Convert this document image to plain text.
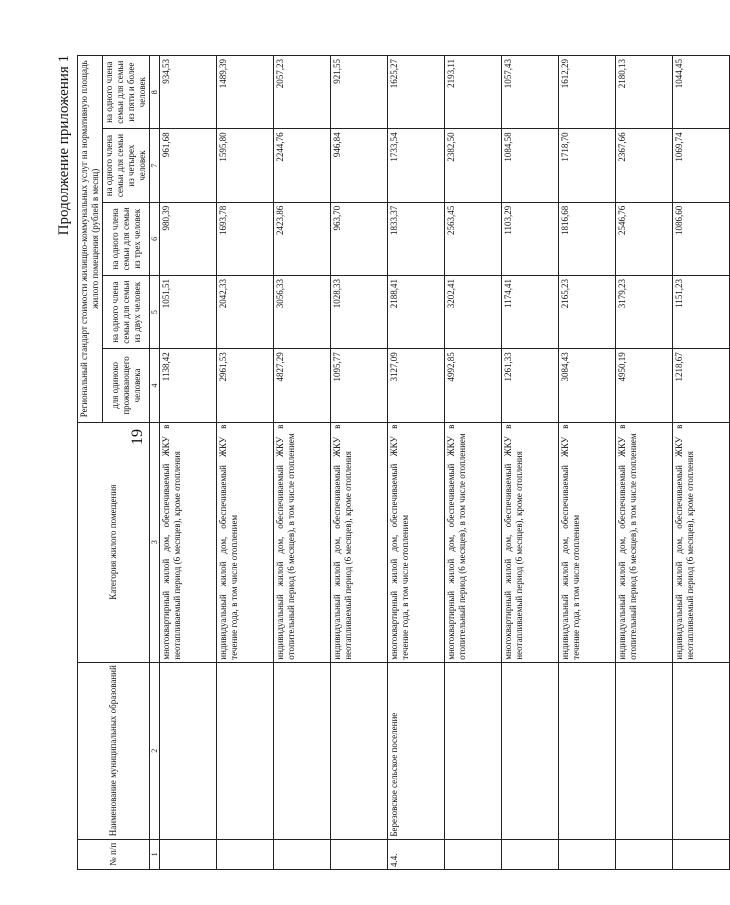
19
Продолжение приложения 1
№ п/п	Наименование муниципальных образований	Категория жилого помещения	Региональный стандарт стоимости жилищно-коммунальных услуг на нормативную площадь жилого помещения (рублей в месяц)				
			для одиноко проживающего человека	на одного члена семьи для семьи из двух человек	на одного члена семьи для семьи из трех человек	на одного члена семьи для семьи из четырех человек	на одного члена семьи для семьи из пяти и более человек
1	2	3	4	5	6	7	8
		многоквартирный жилой дом, обеспечиваемый ЖКУ в неотапливаемый период (6 месяцев), кроме отопления	1138,42	1051,51	980,39	961,68	934,53
		индивидуальный жилой дом, обеспечиваемый ЖКУ в течение года, в том числе отоплением	2961,53	2042,33	1693,78	1595,80	1489,39
		индивидуальный жилой дом, обеспечиваемый ЖКУ в отопительный период (6 месяцев), в том числе отоплением	4827,29	3056,33	2423,86	2244,76	2057,23
		индивидуальный жилой дом, обеспечиваемый ЖКУ в неотапливаемый период (6 месяцев), кроме отопления	1095,77	1028,33	963,70	946,84	921,55
4.4.	Березовское сельское поселение	многоквартирный жилой дом, обеспечиваемый ЖКУ в течение года, в том числе отоплением	3127,09	2188,41	1833,37	1733,54	1625,27
		многоквартирный жилой дом, обеспечиваемый ЖКУ в отопительный период (6 месяцев), в том числе отоплением	4992,85	3202,41	2563,45	2382,50	2193,11
		многоквартирный жилой дом, обеспечиваемый ЖКУ в неотапливаемый период (6 месяцев), кроме отопления	1261,33	1174,41	1103,29	1084,58	1057,43
		индивидуальный жилой дом, обеспечиваемый ЖКУ в течение года, в том числе отоплением	3084,43	2165,23	1816,68	1718,70	1612,29
		индивидуальный жилой дом, обеспечиваемый ЖКУ в отопительный период (6 месяцев), в том числе отоплением	4950,19	3179,23	2546,76	2367,66	2180,13
		индивидуальный жилой дом, обеспечиваемый ЖКУ в неотапливаемый период (6 месяцев), кроме отопления	1218,67	1151,23	1086,60	1069,74	1044,45
